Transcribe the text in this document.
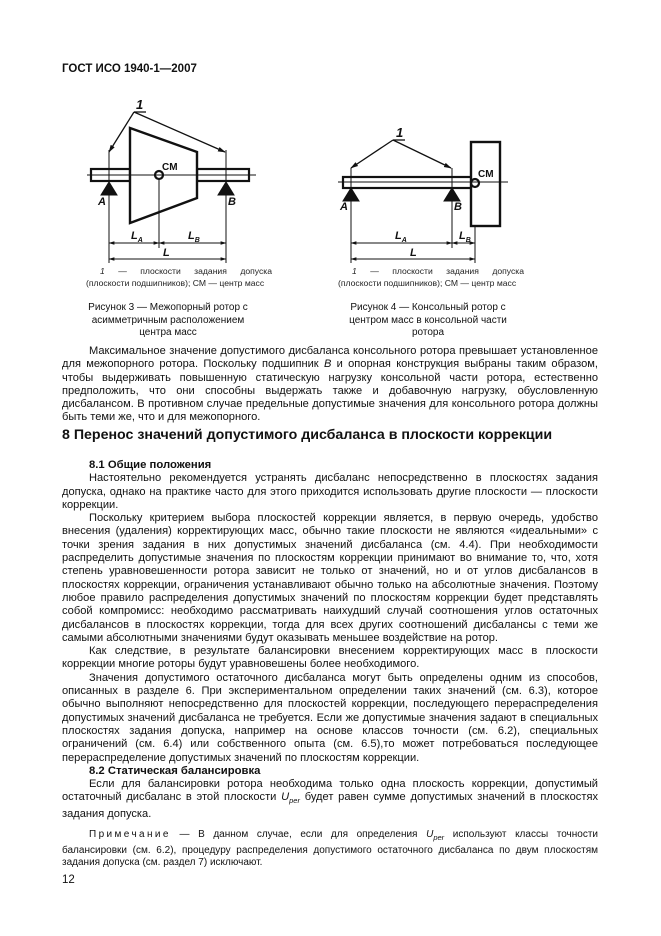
ГОСТ ИСО 1940-1—2007
1
CM
A	B
$L_A$	$L_B$
L
1
CM
A	B
$L_A$	$L_B$
L
1 — плоскости задания допуска (плоскости подшипников); СМ — центр масс
Рисунок 3 — Межопорный ротор с
асимметричным расположением
центра масс
1 — плоскости задания допуска (плоскости подшипников); СМ — центр масс
Рисунок 4 — Консольный ротор с
центром масс в консольной части
ротора

Максимальное значение допустимого дисбаланса консольного ротора превышает установленное для межопорного ротора. Поскольку подшипник B и опорная конструкция выбраны таким образом, чтобы выдерживать повышенную статическую нагрузку консольной части ротора, естественно предположить, что они способны выдержать также и добавочную нагрузку, обусловленную дисбалансом. В противном случае предельные допустимые значения для консольного ротора должны быть теми же, что и для межопорного.

8 Перенос значений допустимого дисбаланса в плоскости коррекции
8.1 Общие положения

Настоятельно рекомендуется устранять дисбаланс непосредственно в плоскостях задания допуска, однако на практике часто для этого приходится использовать другие плоскости — плоскости коррекции.

Поскольку критерием выбора плоскостей коррекции является, в первую очередь, удобство внесения (удаления) корректирующих масс, обычно такие плоскости не являются «идеальными» с точки зрения задания в них допустимых значений дисбаланса (см. 4.4). При необходимости распределить допустимые значения по плоскостям коррекции принимают во внимание то, что, хотя степень уравновешенности ротора зависит не только от значений, но и от углов дисбалансов в плоскостях коррекции, ограничения устанавливают обычно только на абсолютные значения. Поэтому любое правило распределения допустимых значений по плоскостям коррекции будет представлять собой компромисс: необходимо рассматривать наихудший случай соотношения углов остаточных дисбалансов в плоскостях коррекции, тогда для всех других соотношений дисбалансы с теми же самыми абсолютными значениями будут оказывать меньшее воздействие на ротор.

Как следствие, в результате балансировки внесением корректирующих масс в плоскости коррекции многие роторы будут уравновешены более необходимого.

Значения допустимого остаточного дисбаланса могут быть определены одним из способов, описанных в разделе 6. При экспериментальном определении таких значений (см. 6.3), которое обычно выполняют непосредственно для плоскостей коррекции, последующего перераспределения допустимых значений дисбаланса не требуется. Если же допустимые значения задают в специальных плоскостях задания допуска, например на основе классов точности (см. 6.2), специальных ограничений (см. 6.4) или собственного опыта (см. 6.5),то может потребоваться последующее перераспределение допустимых значений по плоскостям коррекции.

8.2 Статическая балансировка

Если для балансировки ротора необходима только одна плоскость коррекции, допустимый остаточный дисбаланс в этой плоскости $U_{per}$ будет равен сумме допустимых значений в плоскостях задания допуска.

Примечание — В данном случае, если для определения $U_{per}$ используют классы точности балансировки (см. 6.2), процедуру распределения допустимого остаточного дисбаланса по двум плоскостям задания допуска (см. раздел 7) исключают.

12
